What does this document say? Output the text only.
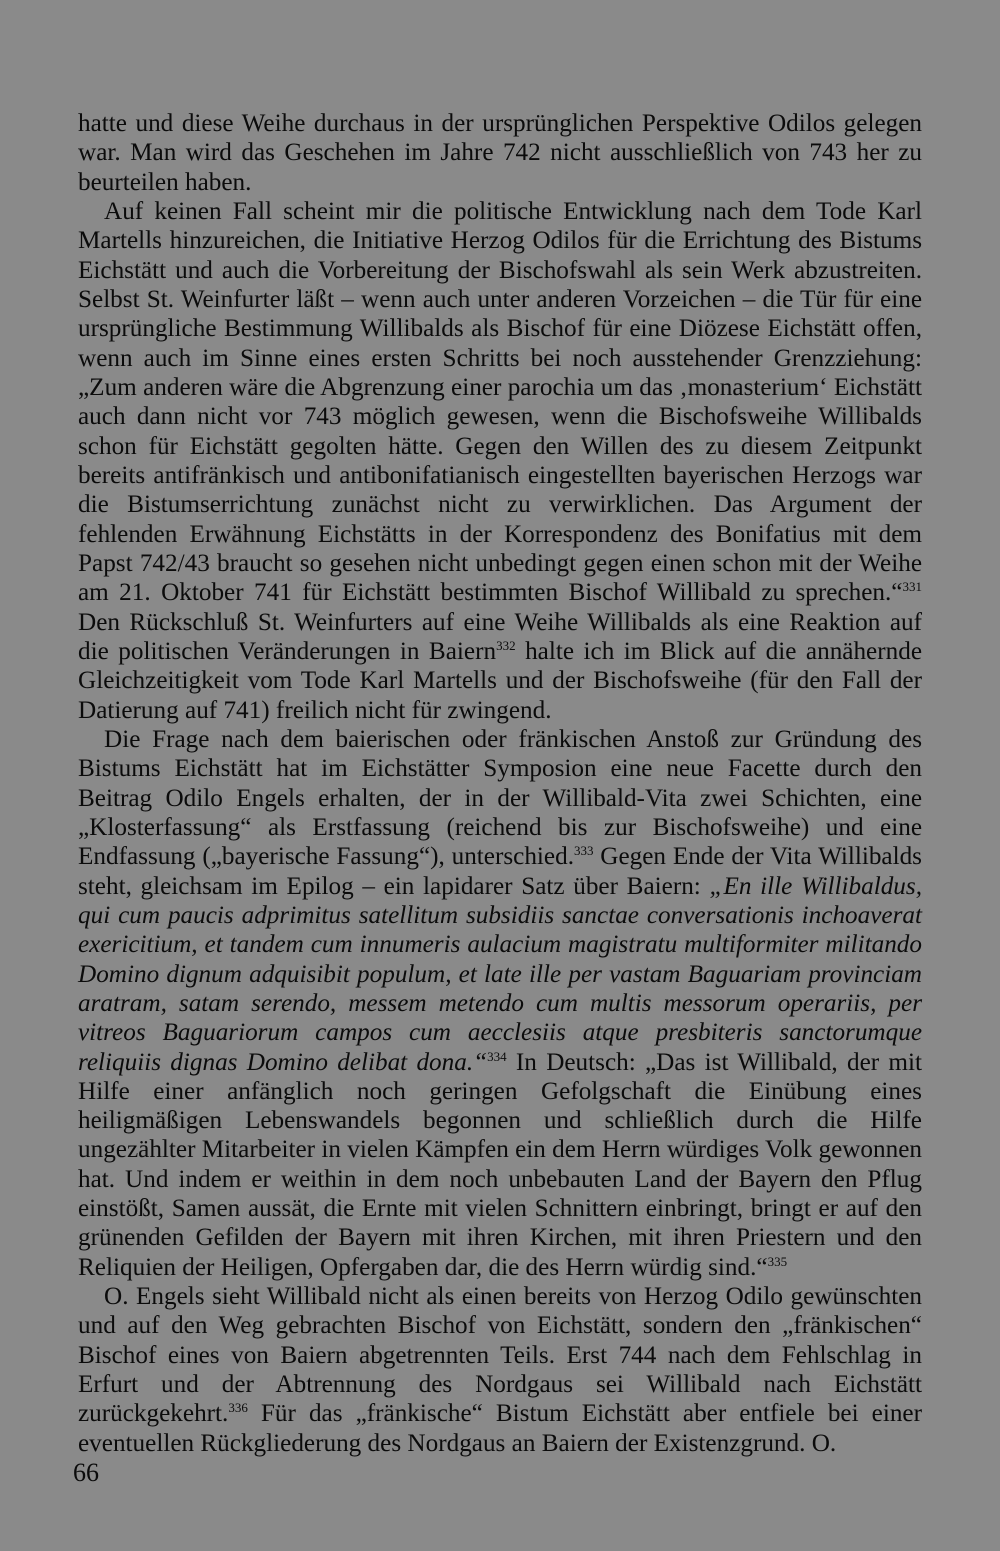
hatte und diese Weihe durchaus in der ursprünglichen Perspektive Odilos gelegen war. Man wird das Geschehen im Jahre 742 nicht ausschließlich von 743 her zu beurteilen haben.

Auf keinen Fall scheint mir die politische Entwicklung nach dem Tode Karl Martells hinzureichen, die Initiative Herzog Odilos für die Errichtung des Bistums Eichstätt und auch die Vorbereitung der Bischofswahl als sein Werk abzustreiten. Selbst St. Weinfurter läßt – wenn auch unter anderen Vorzeichen – die Tür für eine ursprüngliche Bestimmung Willibalds als Bischof für eine Diözese Eichstätt offen, wenn auch im Sinne eines ersten Schritts bei noch ausstehender Grenzziehung: „Zum anderen wäre die Abgrenzung einer parochia um das ‚monasterium‘ Eichstätt auch dann nicht vor 743 möglich gewesen, wenn die Bischofsweihe Willibalds schon für Eichstätt gegolten hätte. Gegen den Willen des zu diesem Zeitpunkt bereits antifränkisch und antibonifatianisch eingestellten bayerischen Herzogs war die Bistumserrichtung zunächst nicht zu verwirklichen. Das Argument der fehlenden Erwähnung Eichstätts in der Korrespondenz des Bonifatius mit dem Papst 742/43 braucht so gesehen nicht unbedingt gegen einen schon mit der Weihe am 21. Oktober 741 für Eichstätt bestimmten Bischof Willibald zu sprechen.“$^{331}$ Den Rückschluß St. Weinfurters auf eine Weihe Willibalds als eine Reaktion auf die politischen Veränderungen in Baiern$^{332}$ halte ich im Blick auf die annähernde Gleichzeitigkeit vom Tode Karl Martells und der Bischofsweihe (für den Fall der Datierung auf 741) freilich nicht für zwingend.

Die Frage nach dem baierischen oder fränkischen Anstoß zur Gründung des Bistums Eichstätt hat im Eichstätter Symposion eine neue Facette durch den Beitrag Odilo Engels erhalten, der in der Willibald-Vita zwei Schichten, eine „Klosterfassung“ als Erstfassung (reichend bis zur Bischofsweihe) und eine Endfassung („bayerische Fassung“), unterschied.$^{333}$ Gegen Ende der Vita Willibalds steht, gleichsam im Epilog – ein lapidarer Satz über Baiern: „En ille Willibaldus, qui cum paucis adprimitus satellitum subsidiis sanctae conversationis inchoaverat exericitium, et tandem cum innumeris aulacium magistratu multiformiter militando Domino dignum adquisibit populum, et late ille per vastam Baguariam provinciam aratram, satam serendo, messem metendo cum multis messorum operariis, per vitreos Baguariorum campos cum aecclesiis atque presbiteris sanctorumque reliquiis dignas Domino delibat dona.“$^{334}$ In Deutsch: „Das ist Willibald, der mit Hilfe einer anfänglich noch geringen Gefolgschaft die Einübung eines heiligmäßigen Lebenswandels begonnen und schließlich durch die Hilfe ungezählter Mitarbeiter in vielen Kämpfen ein dem Herrn würdiges Volk gewonnen hat. Und indem er weithin in dem noch unbebauten Land der Bayern den Pflug einstößt, Samen aussät, die Ernte mit vielen Schnittern einbringt, bringt er auf den grünenden Gefilden der Bayern mit ihren Kirchen, mit ihren Priestern und den Reliquien der Heiligen, Opfergaben dar, die des Herrn würdig sind.“$^{335}$

O. Engels sieht Willibald nicht als einen bereits von Herzog Odilo gewünschten und auf den Weg gebrachten Bischof von Eichstätt, sondern den „fränkischen“ Bischof eines von Baiern abgetrennten Teils. Erst 744 nach dem Fehlschlag in Erfurt und der Abtrennung des Nordgaus sei Willibald nach Eichstätt zurückgekehrt.$^{336}$ Für das „fränkische“ Bistum Eichstätt aber entfiele bei einer eventuellen Rückgliederung des Nordgaus an Baiern der Existenzgrund. O.

66
